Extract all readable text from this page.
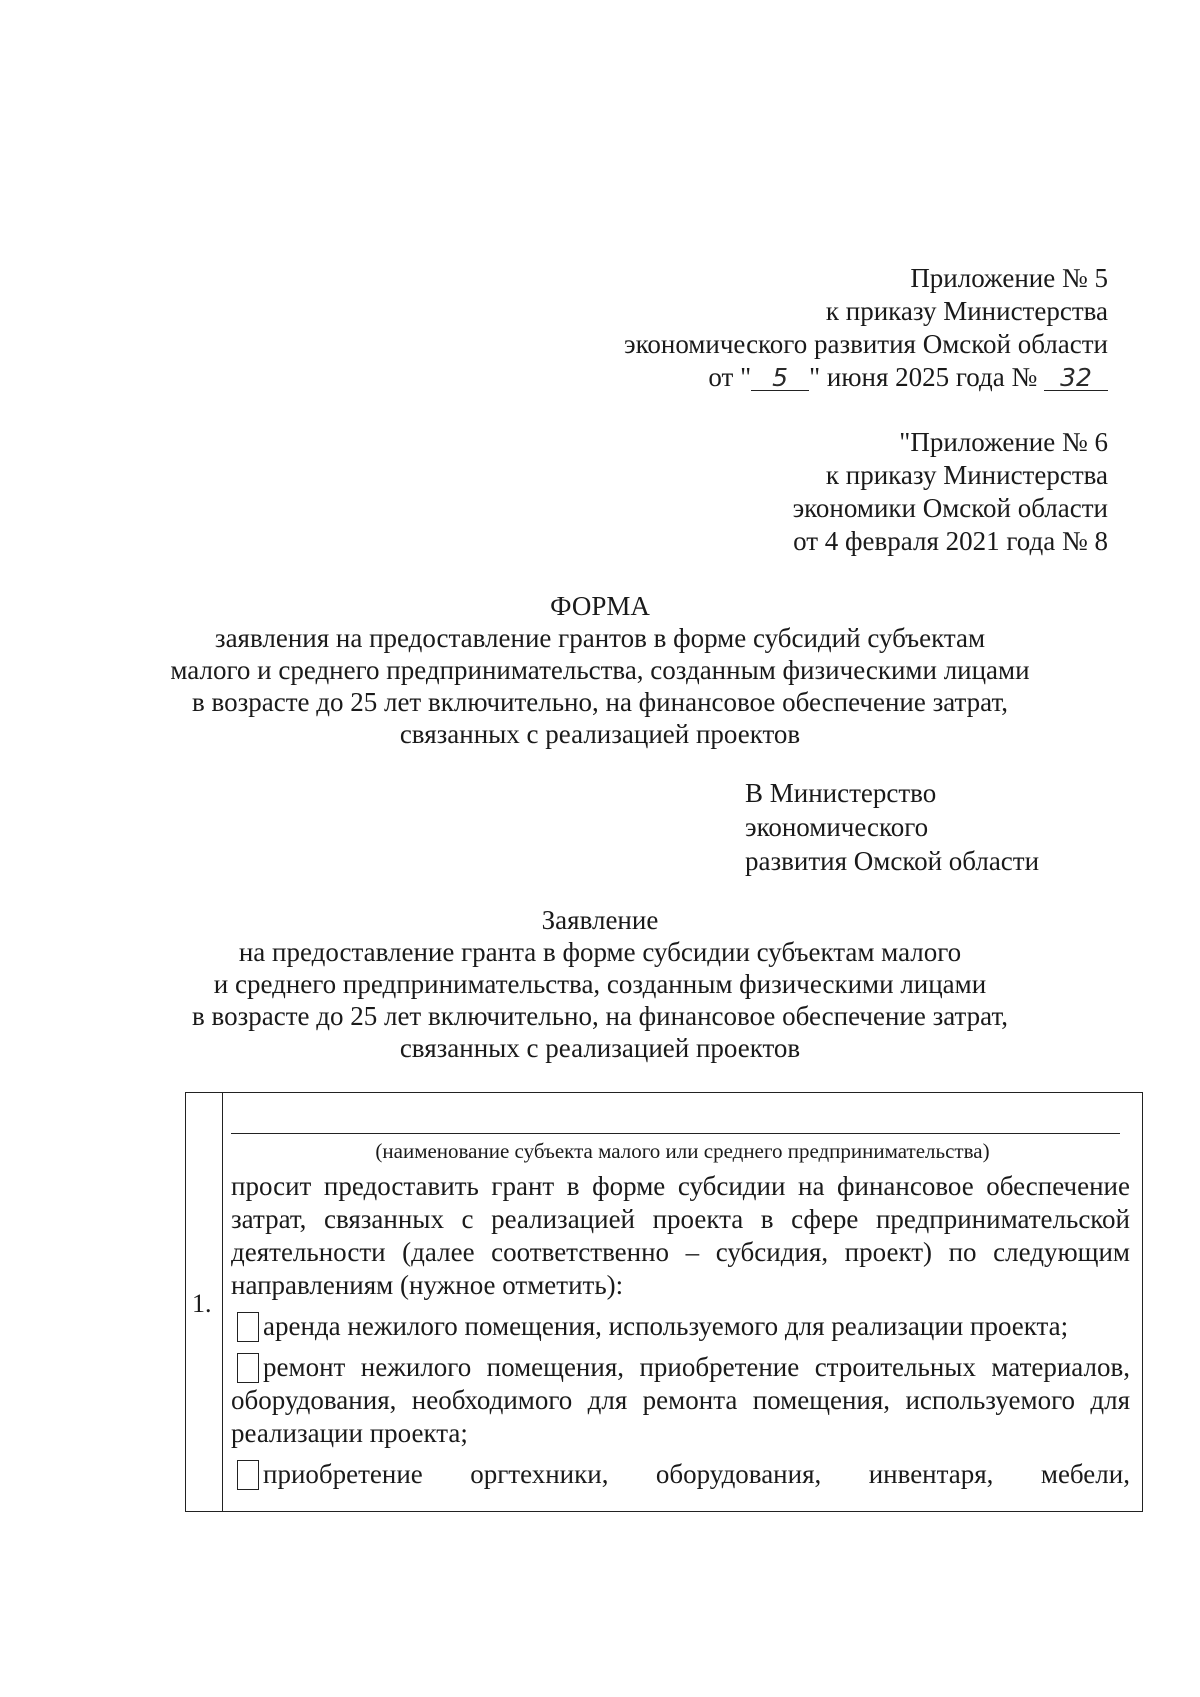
Приложение № 5
к приказу Министерства
экономического развития Омской области
от " 5 " июня 2025 года № 32
"Приложение № 6
к приказу Министерства
экономики Омской области
от 4 февраля 2021 года № 8
ФОРМА
заявления на предоставление грантов в форме субсидий субъектам
малого и среднего предпринимательства, созданным физическими лицами
в возрасте до 25 лет включительно, на финансовое обеспечение затрат,
связанных с реализацией проектов
В Министерство
экономического
развития Омской области
Заявление
на предоставление гранта в форме субсидии субъектам малого
и среднего предпринимательства, созданным физическими лицами
в возрасте до 25 лет включительно, на финансовое обеспечение затрат,
связанных с реализацией проектов
1.
(наименование субъекта малого или среднего предпринимательства)
просит предоставить грант в форме субсидии на финансовое обеспечение затрат, связанных с реализацией проекта в сфере предпринимательской деятельности (далее соответственно – субсидия, проект) по следующим направлениям (нужное отметить):
аренда нежилого помещения, используемого для реализации проекта;
ремонт нежилого помещения, приобретение строительных материалов,
оборудования, необходимого для ремонта помещения, используемого для реализации проекта;
приобретение оргтехники, оборудования, инвентаря, мебели,
